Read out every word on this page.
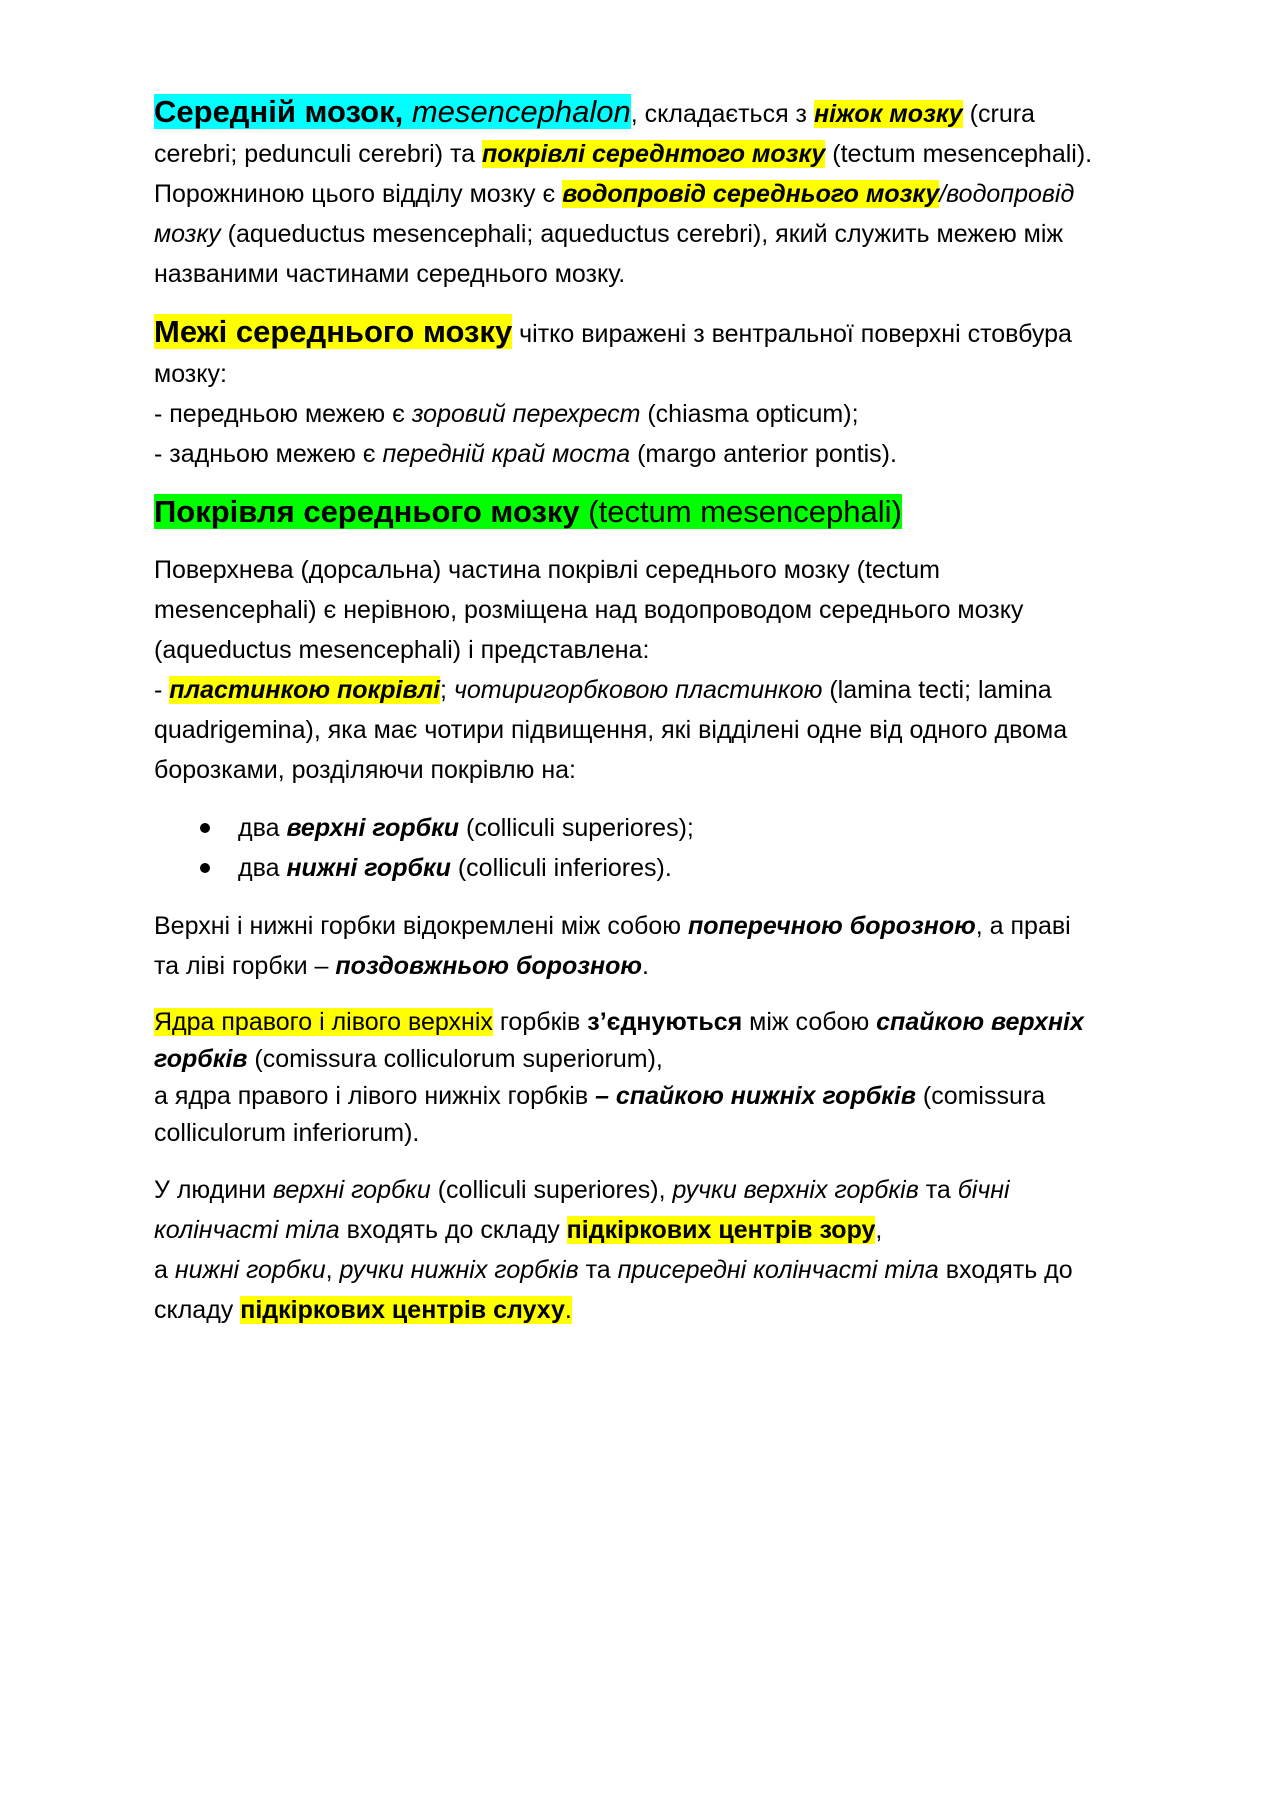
Середній мозок, mesencephalon, складається з ніжок мозку (crura
cerebri; pedunculi cerebri) та покрівлі середнтого мозку (tectum mesencephali).
Порожниною цього відділу мозку є водопровід середнього мозку/водопровід
мозку (aqueductus mesencephali; aqueductus cerebri), який служить межею між
названими частинами середнього мозку.
Межі середнього мозку чітко виражені з вентральної поверхні стовбура
мозку:
- передньою межею є зоровий перехрест (chiasma opticum);
- задньою межею є передній край моста (margo anterior pontis).
Покрівля середнього мозку (tectum mesencephali)
Поверхнева (дорсальна) частина покрівлі середнього мозку (tectum
mesencephali) є нерівною, розміщена над водопроводом середнього мозку
(aqueductus mesencephali) і представлена:
- пластинкою покрівлі; чотиригорбковою пластинкою (lamina tecti; lamina
quadrigemina), яка має чотири підвищення, які відділені одне від одного двома
борозками, розділяючи покрівлю на:
два верхні горбки (colliculi superiores);
два нижні горбки (colliculi inferiores).
Верхні і нижні горбки відокремлені між собою поперечною борозною, а праві
та ліві горбки – поздовжньою борозною.
Ядра правого і лівого верхніх горбків з’єднуються між собою спайкою верхніх
горбків (comissura colliculorum superiorum),
а ядра правого і лівого нижніх горбків – спайкою нижніх горбків (comissura
colliculorum inferiorum).
У людини верхні горбки (colliculi superiores), ручки верхніх горбків та бічні
колінчасті тіла входять до складу підкіркових центрів зору,
а нижні горбки, ручки нижніх горбків та присередні колінчасті тіла входять до
складу підкіркових центрів слуху.
